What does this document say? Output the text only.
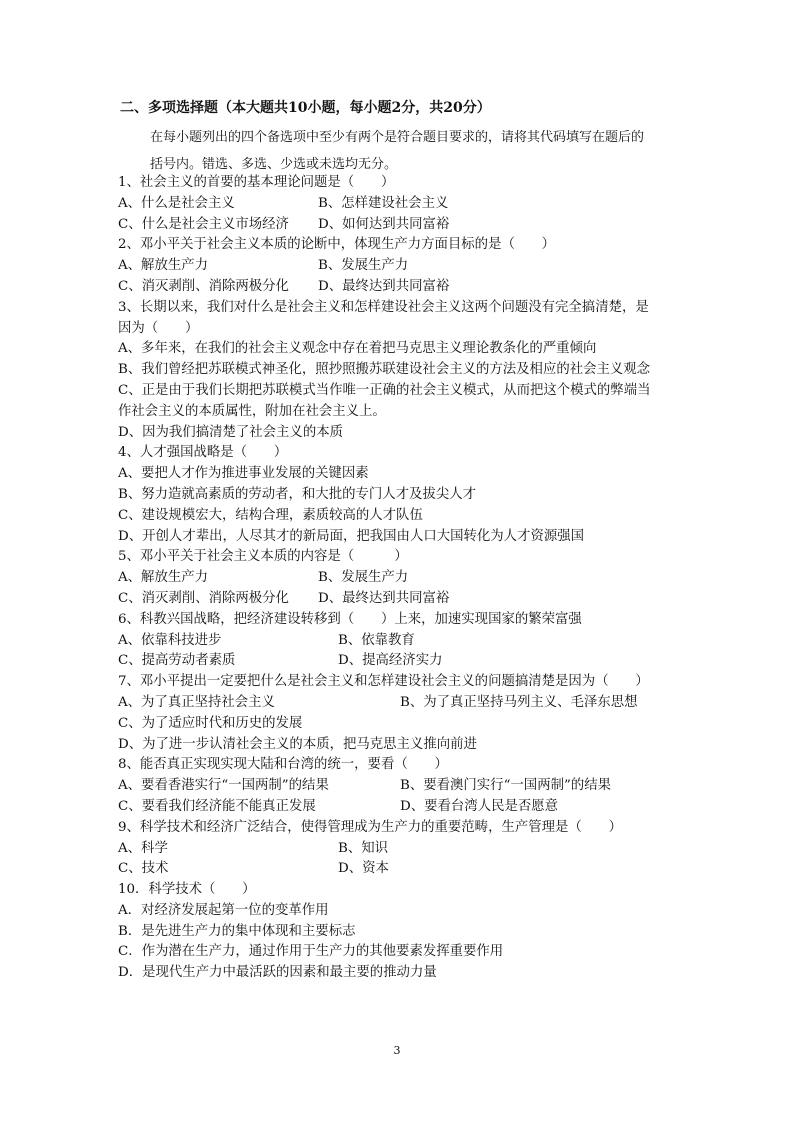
二、多项选择题（本大题共10小题，每小题2分，共20分）
在每小题列出的四个备选项中至少有两个是符合题目要求的，请将其代码填写在题后的
括号内。错选、多选、少选或未选均无分。
1、社会主义的首要的基本理论问题是（　　）
A、什么是社会主义	B、怎样建设社会主义
C、什么是社会主义市场经济 D、如何达到共同富裕
2、邓小平关于社会主义本质的论断中，体现生产力方面目标的是（　　）
A、解放生产力	B、发展生产力
C、消灭剥削、消除两极分化 D、最终达到共同富裕
3、长期以来，我们对什么是社会主义和怎样建设社会主义这两个问题没有完全搞清楚，是
因为（　　）
A、多年来，在我们的社会主义观念中存在着把马克思主义理论教条化的严重倾向
B、我们曾经把苏联模式神圣化，照抄照搬苏联建设社会主义的方法及相应的社会主义观念
C、正是由于我们长期把苏联模式当作唯一正确的社会主义模式，从而把这个模式的弊端当
作社会主义的本质属性，附加在社会主义上。
D、因为我们搞清楚了社会主义的本质
4、人才强国战略是（　　）
A、要把人才作为推进事业发展的关键因素
B、努力造就高素质的劳动者，和大批的专门人才及拔尖人才
C、建设规模宏大，结构合理，素质较高的人才队伍
D、开创人才辈出，人尽其才的新局面，把我国由人口大国转化为人才资源强国
5、邓小平关于社会主义本质的内容是（　　　）
A、解放生产力	B、发展生产力
C、消灭剥削、消除两极分化 D、最终达到共同富裕
6、科教兴国战略，把经济建设转移到（　　）上来，加速实现国家的繁荣富强
A、依靠科技进步	B、依靠教育
C、提高劳动者素质	D、提高经济实力
7、邓小平提出一定要把什么是社会主义和怎样建设社会主义的问题搞清楚是因为（　　）
A、为了真正坚持社会主义	B、为了真正坚持马列主义、毛泽东思想
C、为了适应时代和历史的发展
D、为了进一步认清社会主义的本质，把马克思主义推向前进
8、能否真正实现实现大陆和台湾的统一，要看（　　）
A、要看香港实行“一国两制”的结果	B、要看澳门实行“一国两制”的结果
C、要看我们经济能不能真正发展	D、要看台湾人民是否愿意
9、科学技术和经济广泛结合，使得管理成为生产力的重要范畴，生产管理是（　　）
A、科学	B、知识
C、技术	D、资本
10．科学技术（　　）
A．对经济发展起第一位的变革作用
B．是先进生产力的集中体现和主要标志
C．作为潜在生产力，通过作用于生产力的其他要素发挥重要作用
D．是现代生产力中最活跃的因素和最主要的推动力量
3
